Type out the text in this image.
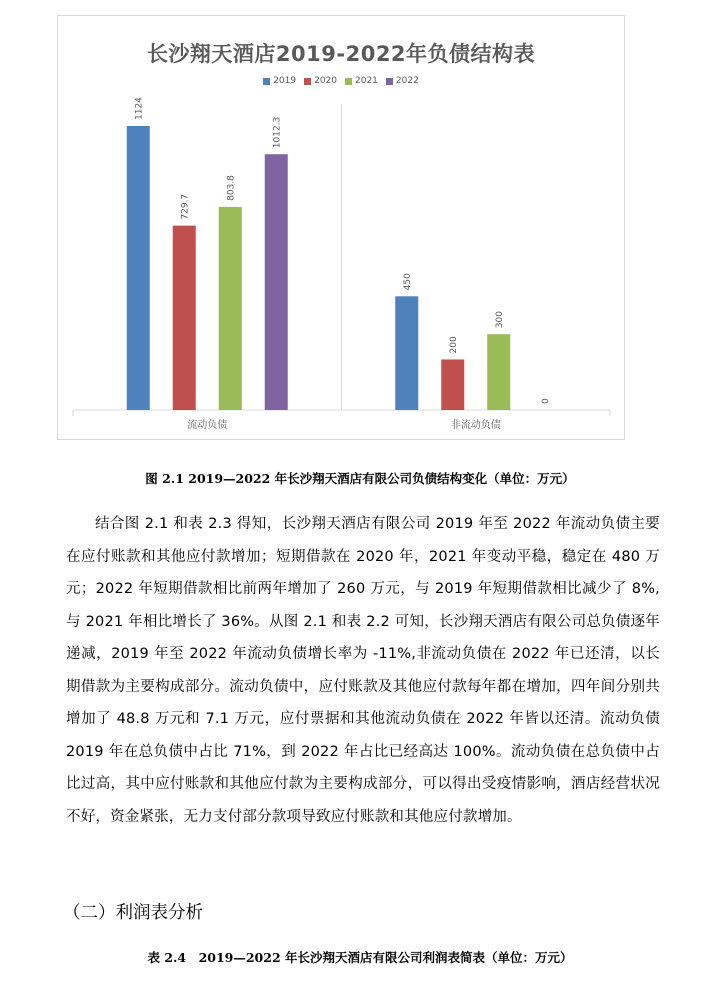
长沙翔天酒店2019-2022年负债结构表
2019 2020 2021 2022
1124
729.7
803.8
1012.3
流动负债
450
200
300
0
非流动负债
图 2.1 2019—2022 年长沙翔天酒店有限公司负债结构变化（单位：万元）

结合图 2.1 和表 2.3 得知，长沙翔天酒店有限公司 2019 年至 2022 年流动负债主要在应付账款和其他应付款增加；短期借款在 2020 年，2021 年变动平稳，稳定在 480 万元；2022 年短期借款相比前两年增加了 260 万元，与 2019 年短期借款相比减少了 8%,与 2021 年相比增长了 36%。从图 2.1 和表 2.2 可知，长沙翔天酒店有限公司总负债逐年递减，2019 年至 2022 年流动负债增长率为 -11%,非流动负债在 2022 年已还清，以长期借款为主要构成部分。流动负债中，应付账款及其他应付款每年都在增加，四年间分别共增加了 48.8 万元和 7.1 万元，应付票据和其他流动负债在 2022 年皆以还清。流动负债 2019 年在总负债中占比 71%，到 2022 年占比已经高达 100%。流动负债在总负债中占比过高，其中应付账款和其他应付款为主要构成部分，可以得出受疫情影响，酒店经营状况不好，资金紧张，无力支付部分款项导致应付账款和其他应付款增加。

（二）利润表分析
表 2.4　2019—2022 年长沙翔天酒店有限公司利润表简表（单位：万元）
